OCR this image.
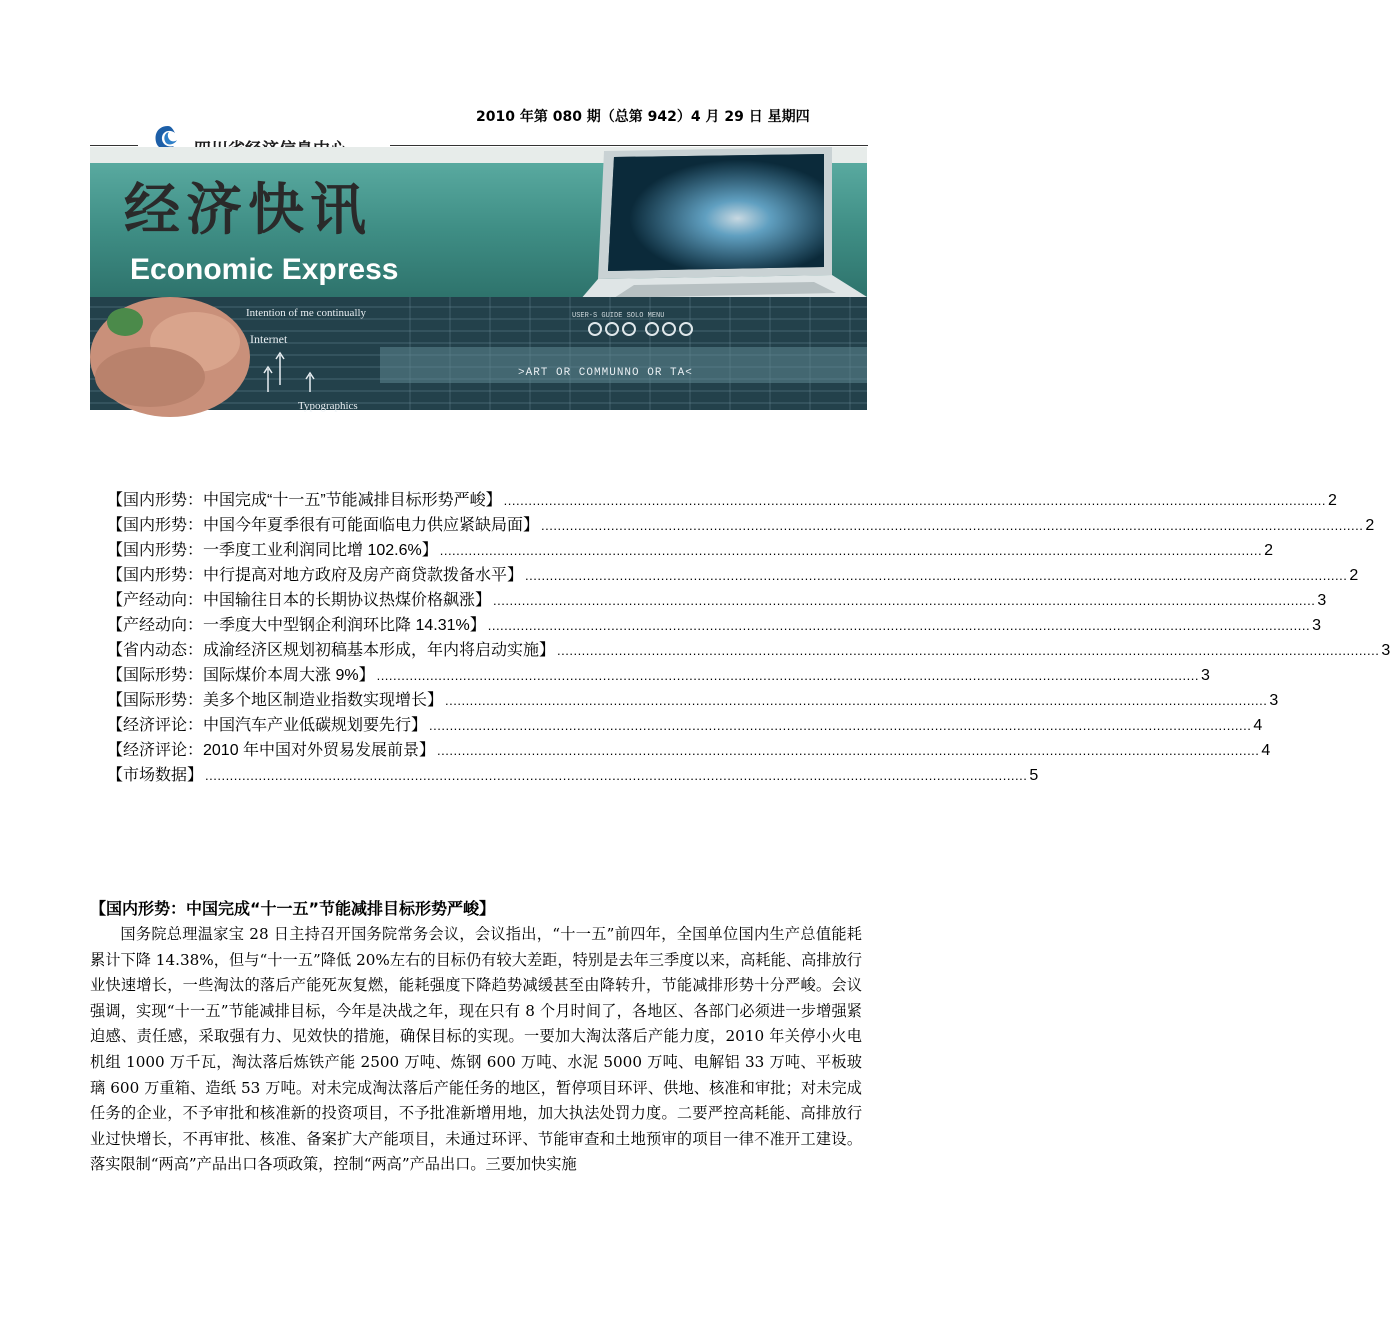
2010 年第 080 期（总第 942）4 月 29 日 星期四
经济快讯
Economic Express
Intention of me continually
Internet
Typographics
>ART OR COMMUNNO OR TA<
USER-S GUIDE SOLO MENU
【国内形势：中国完成“十一五”节能减排目标形势严峻】 ........................................................................................................................................................................................................ 2
【国内形势：中国今年夏季很有可能面临电力供应紧缺局面】 ........................................................................................................................................................................................................ 2
【国内形势：一季度工业利润同比增 102.6%】 ........................................................................................................................................................................................................ 2
【国内形势：中行提高对地方政府及房产商贷款拨备水平】 ........................................................................................................................................................................................................ 2
【产经动向：中国输往日本的长期协议热煤价格飙涨】 ........................................................................................................................................................................................................ 3
【产经动向：一季度大中型钢企利润环比降 14.31%】 ........................................................................................................................................................................................................ 3
【省内动态：成渝经济区规划初稿基本形成，年内将启动实施】 ........................................................................................................................................................................................................ 3
【国际形势：国际煤价本周大涨 9%】 ........................................................................................................................................................................................................ 3
【国际形势：美多个地区制造业指数实现增长】 ........................................................................................................................................................................................................ 3
【经济评论：中国汽车产业低碳规划要先行】 ........................................................................................................................................................................................................ 4
【经济评论：2010 年中国对外贸易发展前景】 ........................................................................................................................................................................................................ 4
【市场数据】 ........................................................................................................................................................................................................ 5
【国内形势：中国完成“十一五”节能减排目标形势严峻】

国务院总理温家宝 28 日主持召开国务院常务会议，会议指出，“十一五”前四年，全国单位国内生产总值能耗累计下降 14.38%，但与“十一五”降低 20%左右的目标仍有较大差距，特别是去年三季度以来，高耗能、高排放行业快速增长，一些淘汰的落后产能死灰复燃，能耗强度下降趋势减缓甚至由降转升，节能减排形势十分严峻。会议强调，实现“十一五”节能减排目标，今年是决战之年，现在只有 8 个月时间了，各地区、各部门必须进一步增强紧迫感、责任感，采取强有力、见效快的措施，确保目标的实现。一要加大淘汰落后产能力度，2010 年关停小火电机组 1000 万千瓦，淘汰落后炼铁产能 2500 万吨、炼钢 600 万吨、水泥 5000 万吨、电解铝 33 万吨、平板玻璃 600 万重箱、造纸 53 万吨。对未完成淘汰落后产能任务的地区，暂停项目环评、供地、核准和审批；对未完成任务的企业，不予审批和核准新的投资项目，不予批准新增用地，加大执法处罚力度。二要严控高耗能、高排放行业过快增长，不再审批、核准、备案扩大产能项目，未通过环评、节能审查和土地预审的项目一律不准开工建设。落实限制“两高”产品出口各项政策，控制“两高”产品出口。三要加快实施
